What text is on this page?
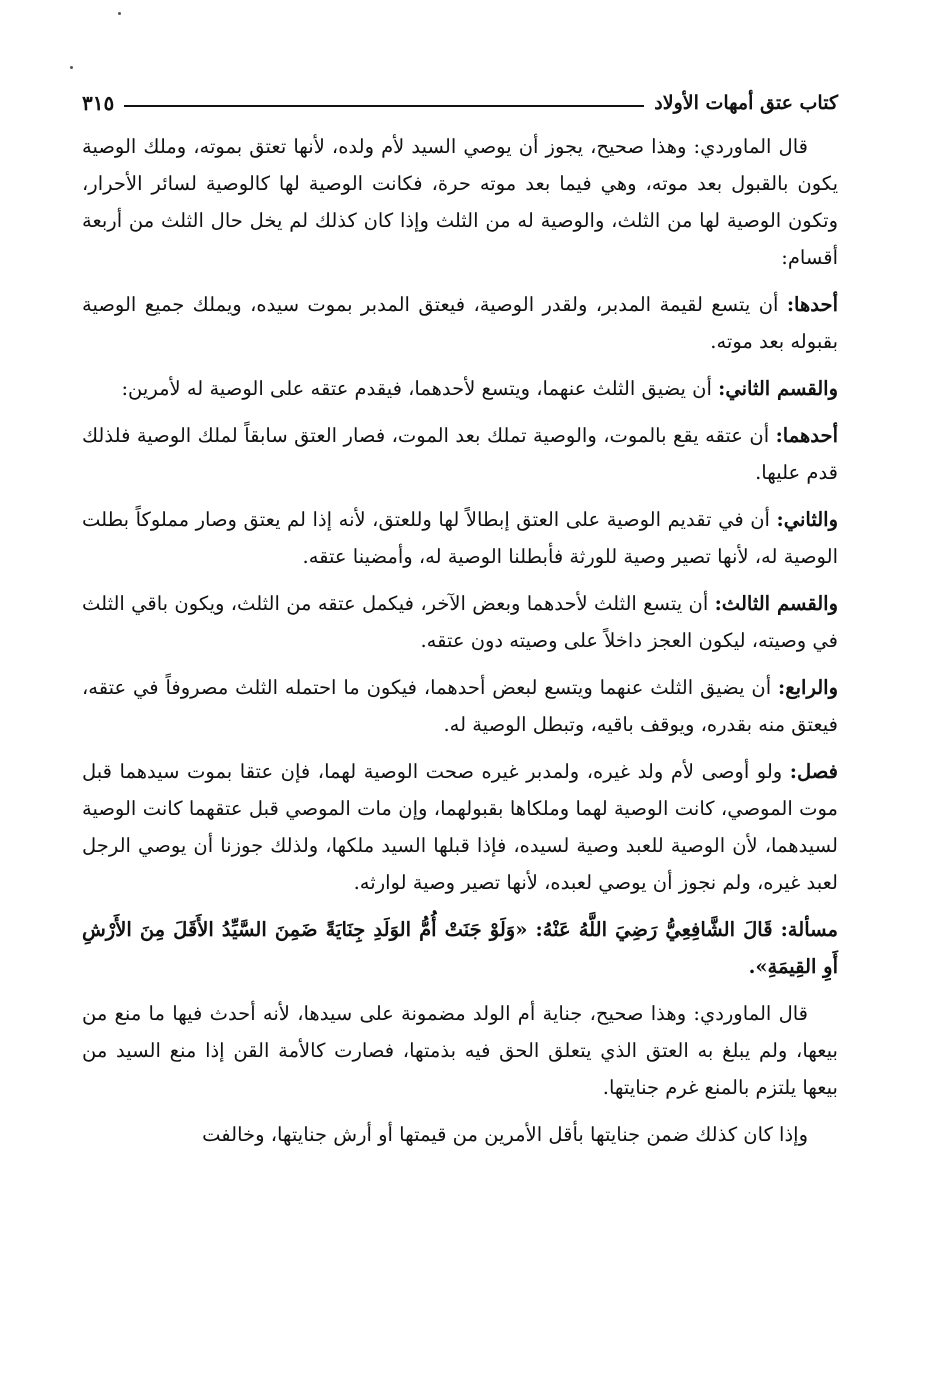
كتاب عتق أمهات الأولاد
٣١٥

قال الماوردي: وهذا صحيح، يجوز أن يوصي السيد لأم ولده، لأنها تعتق بموته، وملك الوصية يكون بالقبول بعد موته، وهي فيما بعد موته حرة، فكانت الوصية لها كالوصية لسائر الأحرار، وتكون الوصية لها من الثلث، والوصية له من الثلث وإذا كان كذلك لم يخل حال الثلث من أربعة أقسام:

أحدها: أن يتسع لقيمة المدبر، ولقدر الوصية، فيعتق المدبر بموت سيده، ويملك جميع الوصية بقبوله بعد موته.

والقسم الثاني: أن يضيق الثلث عنهما، ويتسع لأحدهما، فيقدم عتقه على الوصية له لأمرين:

أحدهما: أن عتقه يقع بالموت، والوصية تملك بعد الموت، فصار العتق سابقاً لملك الوصية فلذلك قدم عليها.

والثاني: أن في تقديم الوصية على العتق إبطالاً لها وللعتق، لأنه إذا لم يعتق وصار مملوكاً بطلت الوصية له، لأنها تصير وصية للورثة فأبطلنا الوصية له، وأمضينا عتقه.

والقسم الثالث: أن يتسع الثلث لأحدهما وبعض الآخر، فيكمل عتقه من الثلث، ويكون باقي الثلث في وصيته، ليكون العجز داخلاً على وصيته دون عتقه.

والرابع: أن يضيق الثلث عنهما ويتسع لبعض أحدهما، فيكون ما احتمله الثلث مصروفاً في عتقه، فيعتق منه بقدره، ويوقف باقيه، وتبطل الوصية له.

فصل: ولو أوصى لأم ولد غيره، ولمدبر غيره صحت الوصية لهما، فإن عتقا بموت سيدهما قبل موت الموصي، كانت الوصية لهما وملكاها بقبولهما، وإن مات الموصي قبل عتقهما كانت الوصية لسيدهما، لأن الوصية للعبد وصية لسيده، فإذا قبلها السيد ملكها، ولذلك جوزنا أن يوصي الرجل لعبد غيره، ولم نجوز أن يوصي لعبده، لأنها تصير وصية لوارثه.

مسألة: قَالَ الشَّافِعِيُّ رَضِيَ اللَّهُ عَنْهُ: «وَلَوْ جَنَتْ أُمُّ الوَلَدِ جِنَايَةً ضَمِنَ السَّيِّدُ الأَقَلَ مِنَ الأَرْشِ أَوِ القِيمَةِ».

قال الماوردي: وهذا صحيح، جناية أم الولد مضمونة على سيدها، لأنه أحدث فيها ما منع من بيعها، ولم يبلغ به العتق الذي يتعلق الحق فيه بذمتها، فصارت كالأمة القن إذا منع السيد من بيعها يلتزم بالمنع غرم جنايتها.

وإذا كان كذلك ضمن جنايتها بأقل الأمرين من قيمتها أو أرش جنايتها، وخالفت
